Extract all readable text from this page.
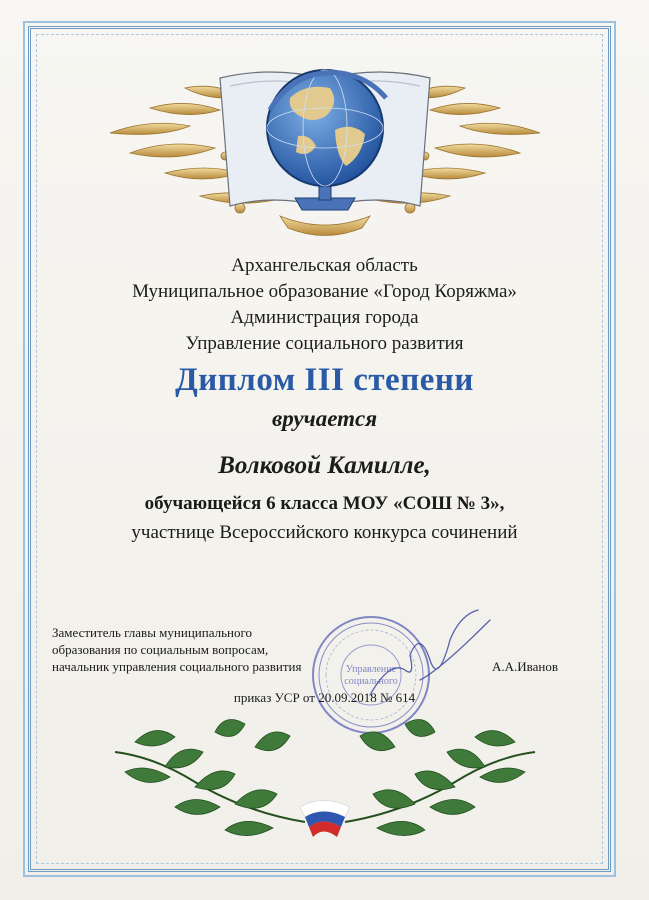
Архангельская область
Муниципальное образование «Город Коряжма»
Администрация города
Управление социального развития
Диплом III степени
вручается
Волковой Камилле,
обучающейся 6 класса МОУ «СОШ № 3»,
участнице Всероссийского конкурса сочинений
Заместитель главы муниципального
образования по социальным вопросам,
начальник управления социального развития	А.А.Иванов
Управление
социального
приказ УСР от 20.09.2018 № 614
